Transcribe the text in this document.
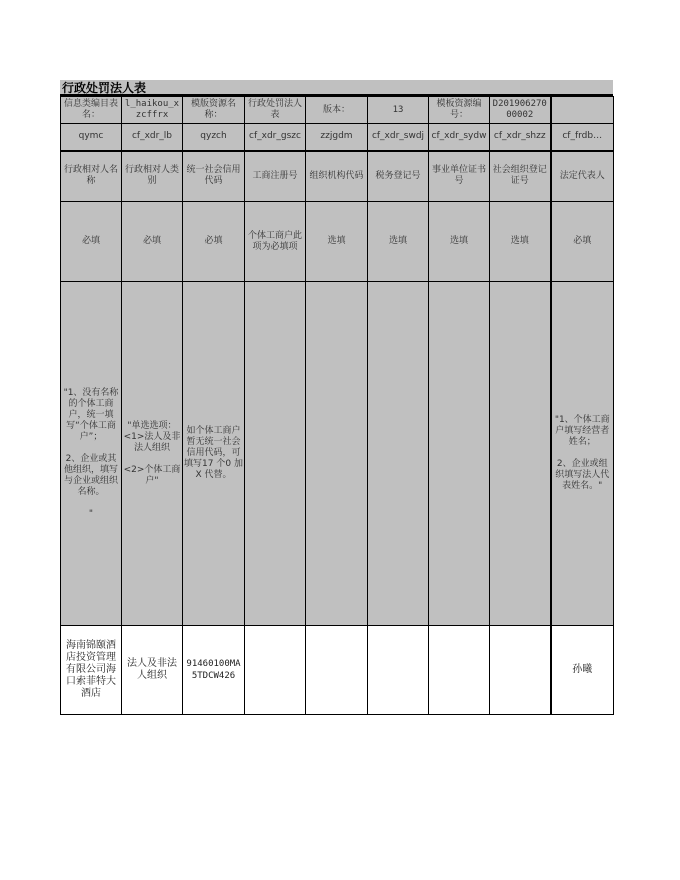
行政处罚法人表
信息类编目表名：	l_haikou_xzcffrx	模版资源名称：	行政处罚法人表	版本：	13	模板资源编号：	D20190627000002	
qymc	cf_xdr_lb	qyzch	cf_xdr_gszc	zzjgdm	cf_xdr_swdj	cf_xdr_sydw	cf_xdr_shzz	cf_frdb…
行政相对人名称	行政相对人类别	统一社会信用代码	工商注册号	组织机构代码	税务登记号	事业单位证书号	社会组织登记证号	法定代表人
必填	必填	必填	个体工商户此项为必填项	选填	选填	选填	选填	必填
"1、没有名称的个体工商户，统一填写“个体工商户”；

2、企业或其他组织，填写与企业或组织名称。

"	"单选选项：
<1>法人及非法人组织

<2>个体工商户"	如个体工商户暂无统一社会信用代码，可填写17 个0 加X 代替。						"1、个体工商户填写经营者姓名；

2、企业或组织填写法人代表姓名。"
海南锦颐酒店投资管理有限公司海口索菲特大酒店	法人及非法人组织	91460100MA5TDCW426						孙曦
